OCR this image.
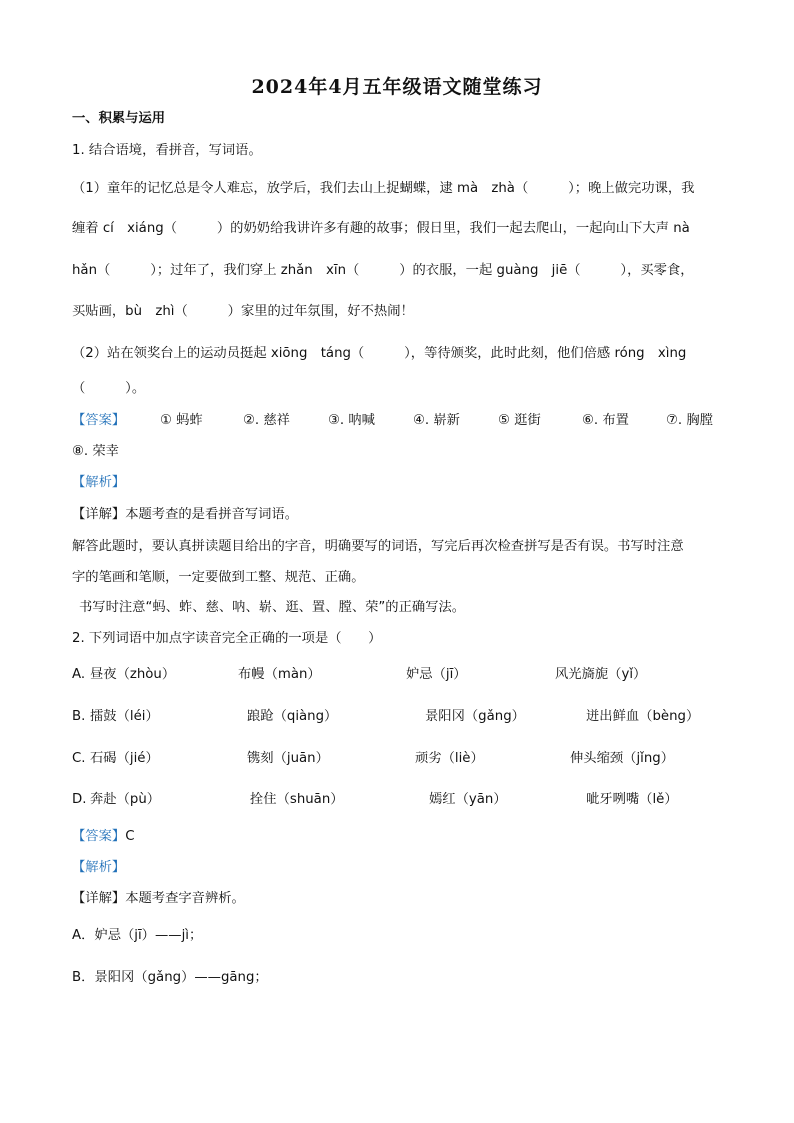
2024年4月五年级语文随堂练习
一、积累与运用
1. 结合语境，看拼音，写词语。
（1）童年的记忆总是令人难忘，放学后，我们去山上捉蝴蝶，逮 mà　zhà（　　　）；晚上做完功课，我
缠着 cí　xiáng（　　　）的奶奶给我讲许多有趣的故事；假日里，我们一起去爬山，一起向山下大声 nà
hǎn（　　　）；过年了，我们穿上 zhǎn　xīn（　　　）的衣服，一起 guàng　jiē（　　　），买零食，
买贴画，bù　zhì（　　　）家里的过年氛围，好不热闹！
（2）站在领奖台上的运动员挺起 xiōng　táng（　　　），等待颁奖，此时此刻，他们倍感 róng　xìng
（　　　）。
【答案】	① 蚂蚱	②. 慈祥	③. 呐喊	④. 崭新	⑤ 逛街	⑥. 布置	⑦. 胸膛
⑧. 荣幸
【解析】
【详解】本题考查的是看拼音写词语。
解答此题时，要认真拼读题目给出的字音，明确要写的词语，写完后再次检查拼写是否有误。书写时注意
字的笔画和笔顺，一定要做到工整、规范、正确。
书写时注意“蚂、蚱、慈、呐、崭、逛、置、膛、荣”的正确写法。
2. 下列词语中加点字读音完全正确的一项是（　　）
A. 昼夜（zhòu）	布幔（màn）	妒忌（jī）	风光旖旎（yǐ）
B. 擂鼓（léi）	踉跄（qiàng）	景阳冈（gǎng）	迸出鲜血（bèng）
C. 石碣（jié）	镌刻（juān）	顽劣（liè）	伸头缩颈（jǐng）
D. 奔赴（pù）	拴住（shuān）	嫣红（yān）	呲牙咧嘴（lě）
【答案】C
【解析】
【详解】本题考查字音辨析。
A．妒忌（jī）——jì；
B．景阳冈（gǎng）——gāng；
